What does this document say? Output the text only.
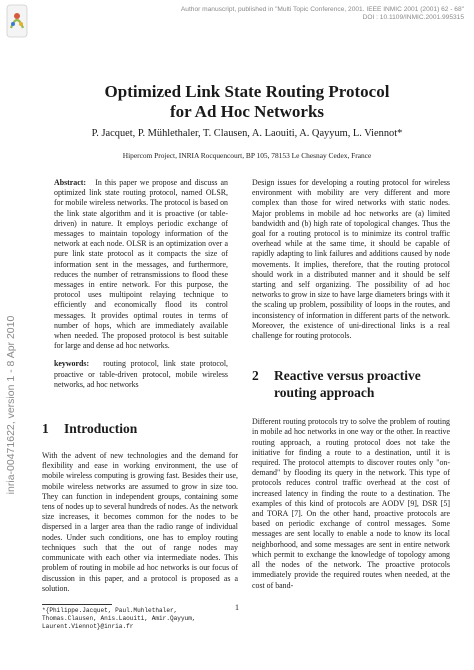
Author manuscript, published in "Multi Topic Conference, 2001. IEEE INMIC 2001 (2001) 62 - 68"
DOI : 10.1109/INMIC.2001.995315
inria-00471622, version 1 - 8 Apr 2010
Optimized Link State Routing Protocol
for Ad Hoc Networks
P. Jacquet, P. Mühlethaler, T. Clausen, A. Laouiti, A. Qayyum, L. Viennot*
Hipercom Project, INRIA Rocquencourt, BP 105, 78153 Le Chesnay Cedex, France

Abstract: In this paper we propose and discuss an optimized link state routing protocol, named OLSR, for mobile wireless networks. The protocol is based on the link state algorithm and it is proactive (or table-driven) in nature. It employs periodic exchange of messages to maintain topology information of the network at each node. OLSR is an optimization over a pure link state protocol as it compacts the size of information sent in the messages, and furthermore, reduces the number of retransmissions to flood these messages in entire network. For this purpose, the protocol uses multipoint relaying technique to efficiently and economically flood its control messages. It provides optimal routes in terms of number of hops, which are immediately available when needed. The proposed protocol is best suitable for large and dense ad hoc networks.

keywords: routing protocol, link state protocol, proactive or table-driven protocol, mobile wireless networks, ad hoc networks

1	Introduction

With the advent of new technologies and the demand for flexibility and ease in working environment, the use of mobile wireless computing is growing fast. Besides their use, mobile wireless networks are assumed to grow in size too. They can function in independent groups, containing some tens of nodes up to several hundreds of nodes. As the network size increases, it becomes common for the nodes to be dispersed in a larger area than the radio range of individual nodes. Under such conditions, one has to employ routing techniques such that the out of range nodes may communicate with each other via intermediate nodes. This problem of routing in mobile ad hoc networks is our focus of discussion in this paper, and a protocol is proposed as a solution.

*{Philippe.Jacquet, Paul.Muhlethaler,
Thomas.Clausen, Anis.Laouiti, Amir.Qayyum,
Laurent.Viennot}@inria.fr

Design issues for developing a routing protocol for wireless environment with mobility are very different and more complex than those for wired networks with static nodes. Major problems in mobile ad hoc networks are (a) limited bandwidth and (b) high rate of topological changes. Thus the goal for a routing protocol is to minimize its control traffic overhead while at the same time, it should be capable of rapidly adapting to link failures and additions caused by node movements. It implies, therefore, that the routing protocol should work in a distributed manner and it should be self starting and self organizing. The possibility of ad hoc networks to grow in size to have large diameters brings with it the scaling up problem, possibility of loops in the routes, and inconsistency of information in different parts of the network. Moreover, the existence of uni-directional links is a real challenge for routing protocols.

2	Reactive versus proactive
routing approach

Different routing protocols try to solve the problem of routing in mobile ad hoc networks in one way or the other. In reactive routing approach, a routing protocol does not take the initiative for finding a route to a destination, until it is required. The protocol attempts to discover routes only "on-demand" by flooding its query in the network. This type of protocols reduces control traffic overhead at the cost of increased latency in finding the route to a destination. The examples of this kind of protocols are AODV [9], DSR [5] and TORA [7]. On the other hand, proactive protocols are based on periodic exchange of control messages. Some messages are sent locally to enable a node to know its local neighborhood, and some messages are sent in entire network which permit to exchange the knowledge of topology among all the nodes of the network. The proactive protocols immediately provide the required routes when needed, at the cost of band-

1
